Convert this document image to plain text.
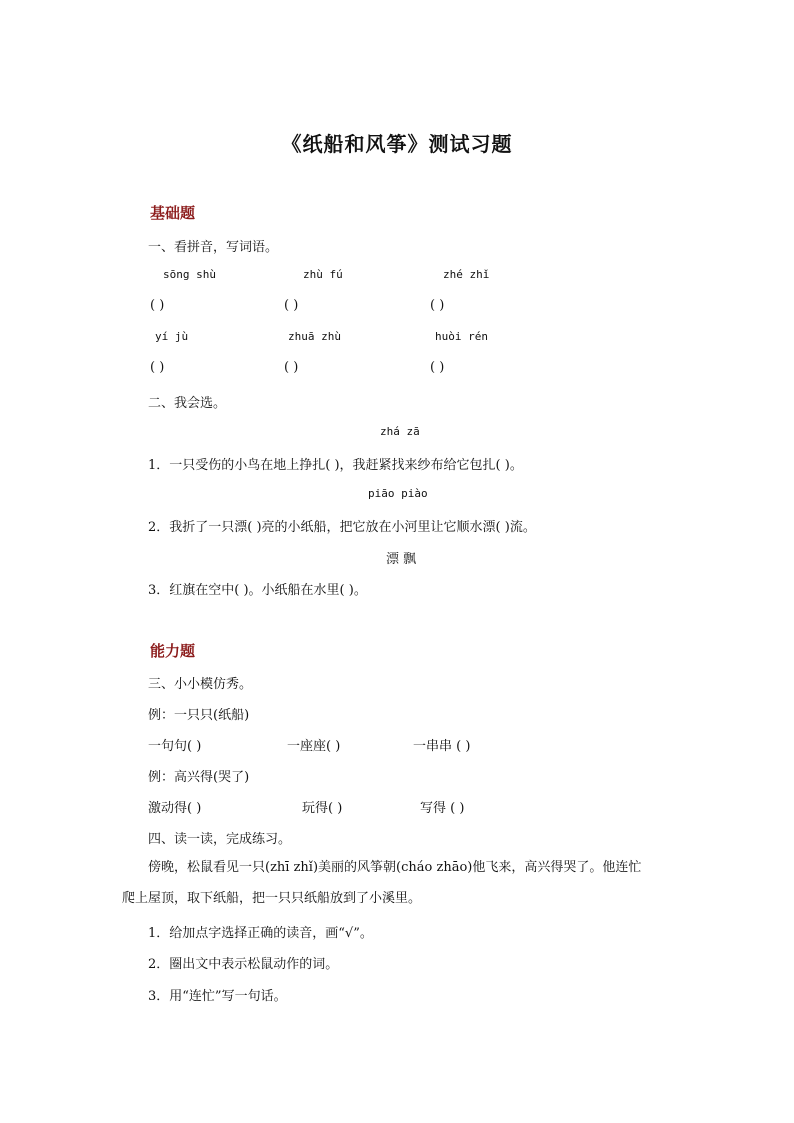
《纸船和风筝》测试习题
基础题
一、看拼音，写词语。
sōng shù	zhù fú	zhé zhǐ
( )	( )	( )
yí jù	zhuā zhù	huòi rén
( )	( )	( )
二、我会选。
zhá zā
1．一只受伤的小鸟在地上挣扎( )，我赶紧找来纱布给它包扎( )。
piāo piào
2．我折了一只漂( )亮的小纸船，把它放在小河里让它顺水漂( )流。
漂 飘
3．红旗在空中( )。小纸船在水里( )。
能力题
三、小小模仿秀。
例：一只只(纸船)
一句句( )	一座座( )	一串串 ( )
例：高兴得(哭了)
激动得( )	玩得( )	写得 ( )
四、读一读，完成练习。
傍晚，松鼠看见一只(zhī zhǐ)美丽的风筝朝(cháo zhāo)他飞来，高兴得哭了。他连忙爬上屋顶，取下纸船，把一只只纸船放到了小溪里。
1．给加点字选择正确的读音，画“√”。
2．圈出文中表示松鼠动作的词。
3．用“连忙”写一句话。
